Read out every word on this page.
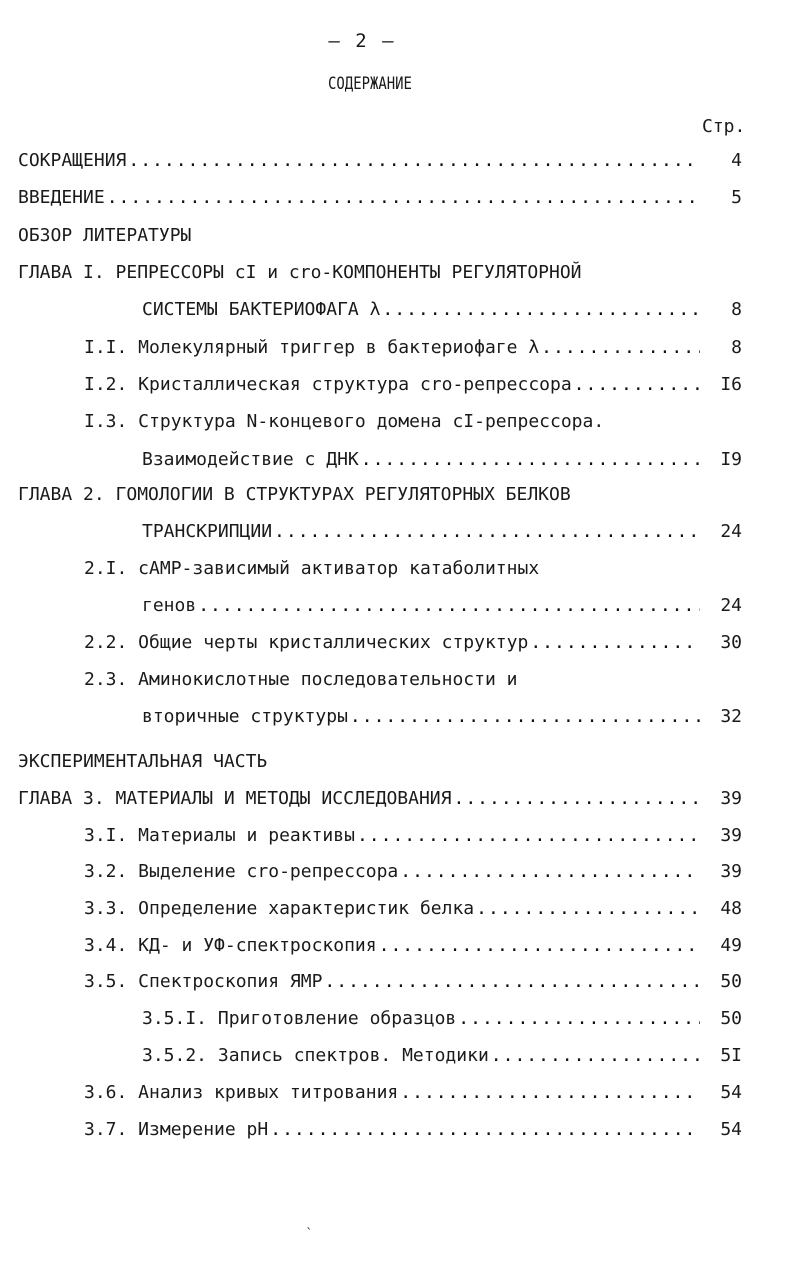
– 2 –
СОДЕРЖАНИЕ
Стр.
СОКРАЩЕНИЯ .....	4
ВВЕДЕНИЕ .....	5
ОБЗОР ЛИТЕРАТУРЫ
ГЛАВА I. РЕПРЕССОРЫ cI и cro-КОМПОНЕНТЫ РЕГУЛЯТОРНОЙ
СИСТЕМЫ БАКТЕРИОФАГА λ .....	8
I.I. Молекулярный триггер в бактериофаге λ .....	8
I.2. Кристаллическая структура cro-репрессора .....	I6
I.3. Структура N-концевого домена cI-репрессора.
Взаимодействие с ДНК .....	I9
ГЛАВА 2. ГОМОЛОГИИ В СТРУКТУРАХ РЕГУЛЯТОРНЫХ БЕЛКОВ
ТРАНСКРИПЦИИ .....	24
2.I. cAMP-зависимый активатор катаболитных
генов .....	24
2.2. Общие черты кристаллических структур .....	30
2.3. Аминокислотные последовательности и
вторичные структуры .....	32
ЭКСПЕРИМЕНТАЛЬНАЯ ЧАСТЬ
ГЛАВА 3. МАТЕРИАЛЫ И МЕТОДЫ ИССЛЕДОВАНИЯ .....	39
3.I. Материалы и реактивы .....	39
3.2. Выделение cro-репрессора .....	39
3.3. Определение характеристик белка .....	48
3.4. КД- и УФ-спектроскопия .....	49
3.5. Спектроскопия ЯМР .....	50
3.5.I. Приготовление образцов .....	50
3.5.2. Запись спектров. Методики .....	5I
3.6. Анализ кривых титрования .....	54
3.7. Измерение pH .....	54
ˎ
